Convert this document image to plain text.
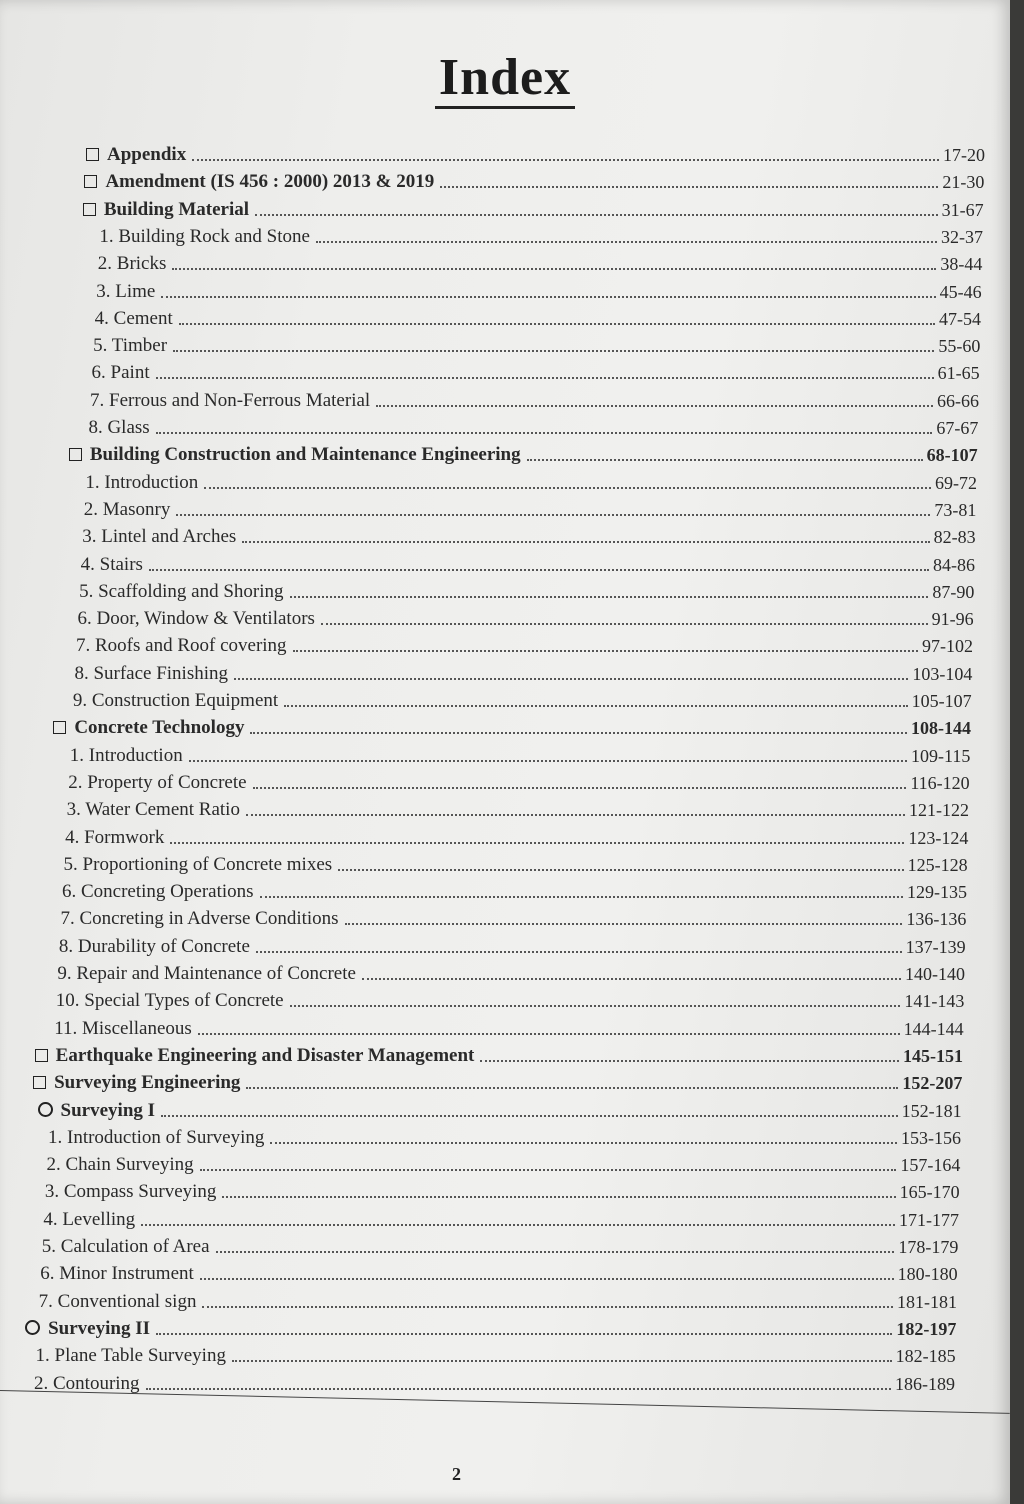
Index
Appendix	17-20
Amendment (IS 456 : 2000) 2013 & 2019	21-30
Building Material	31-67
1. Building Rock and Stone	32-37
2. Bricks	38-44
3. Lime	45-46
4. Cement	47-54
5. Timber	55-60
6. Paint	61-65
7. Ferrous and Non-Ferrous Material	66-66
8. Glass	67-67
Building Construction and Maintenance Engineering	68-107
1. Introduction	69-72
2. Masonry	73-81
3. Lintel and Arches	82-83
4. Stairs	84-86
5. Scaffolding and Shoring	87-90
6. Door, Window & Ventilators	91-96
7. Roofs and Roof covering	97-102
8. Surface Finishing	103-104
9. Construction Equipment	105-107
Concrete Technology	108-144
1. Introduction	109-115
2. Property of Concrete	116-120
3. Water Cement Ratio	121-122
4. Formwork	123-124
5. Proportioning of Concrete mixes	125-128
6. Concreting Operations	129-135
7. Concreting in Adverse Conditions	136-136
8. Durability of Concrete	137-139
9. Repair and Maintenance of Concrete	140-140
10. Special Types of Concrete	141-143
11. Miscellaneous	144-144
Earthquake Engineering and Disaster Management	145-151
Surveying Engineering	152-207
Surveying I	152-181
1. Introduction of Surveying	153-156
2. Chain Surveying	157-164
3. Compass Surveying	165-170
4. Levelling	171-177
5. Calculation of Area	178-179
6. Minor Instrument	180-180
7. Conventional sign	181-181
Surveying II	182-197
1. Plane Table Surveying	182-185
2. Contouring	186-189
2
